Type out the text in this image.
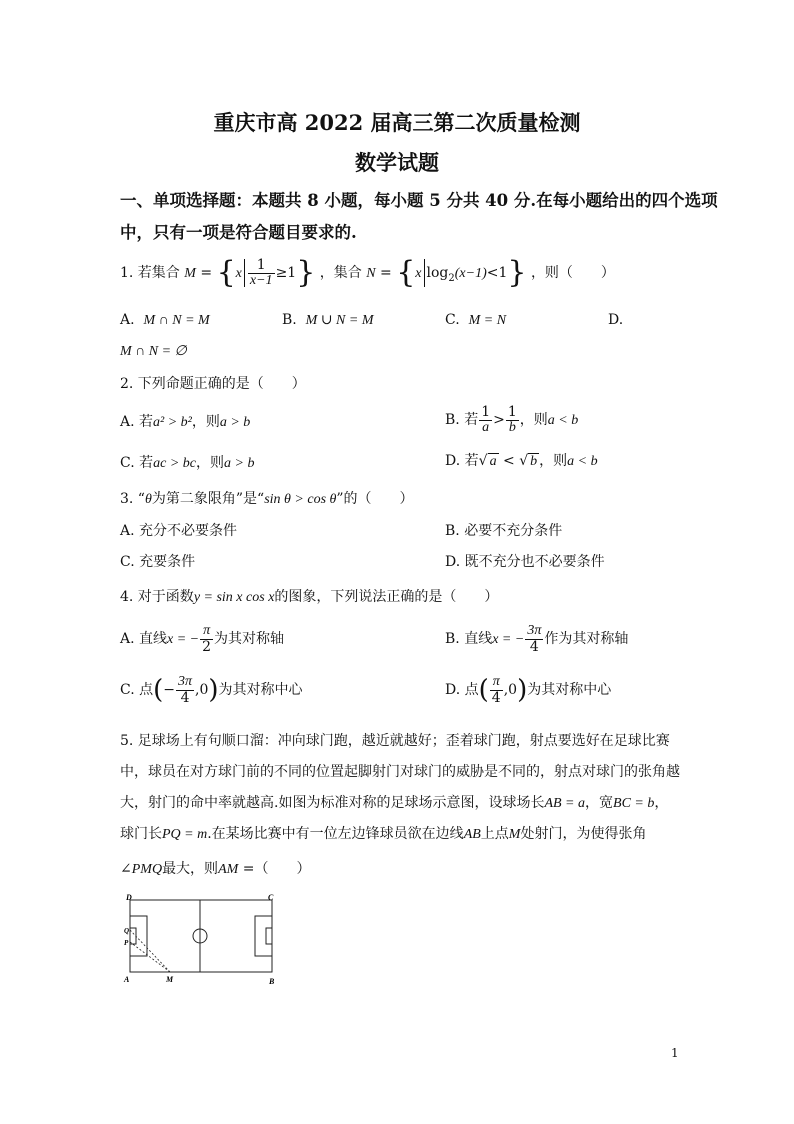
重庆市高 2022 届高三第二次质量检测
数学试题
一、单项选择题：本题共 8 小题，每小题 5 分共 40 分.在每小题给出的四个选项
中，只有一项是符合题目要求的.
1. 若集合 $M = \{x \frac{1}{x-1} \ge 1\}$ ，集合 N = {x $\log_2(x-1)<1$} ，则（　　）
A. M ∩ N = M	B. M ∪ N = M	C. M = N	D.
M ∩ N = ∅
2. 下列命题正确的是（　　）
A. 若a² > b²，则a > b	B. 若 $\frac{1}{a} > \frac{1}{b}$ ，则a < b
C. 若ac > bc，则a > b	D. 若√ a < √ b ，则a < b
3. “θ为第二象限角”是“sin θ > cos θ”的（　　）
A. 充分不必要条件	B. 必要不充分条件
C. 充要条件	D. 既不充分也不必要条件
4. 对于函数y = sin x cos x的图象，下列说法正确的是（　　）
A. 直线x = − $\frac{\pi}{2}$ 为其对称轴	B. 直线x = − $\frac{3\pi}{4}$ 作为其对称轴
C. 点(− $\frac{3\pi}{4} ,0$)为其对称中心	D. 点( $\frac{\pi}{4} ,0$)为其对称中心
5. 足球场上有句顺口溜：冲向球门跑，越近就越好；歪着球门跑，射点要选好在足球比赛
中，球员在对方球门前的不同的位置起脚射门对球门的威胁是不同的，射点对球门的张角越
大，射门的命中率就越高.如图为标准对称的足球场示意图，设球场长AB = a，宽BC = b，
球门长PQ = m.在某场比赛中有一位左边锋球员欲在边线AB上点M处射门，为使得张角
∠PMQ最大，则AM =（　　）
D	C
Q
P
A	M	B
1
